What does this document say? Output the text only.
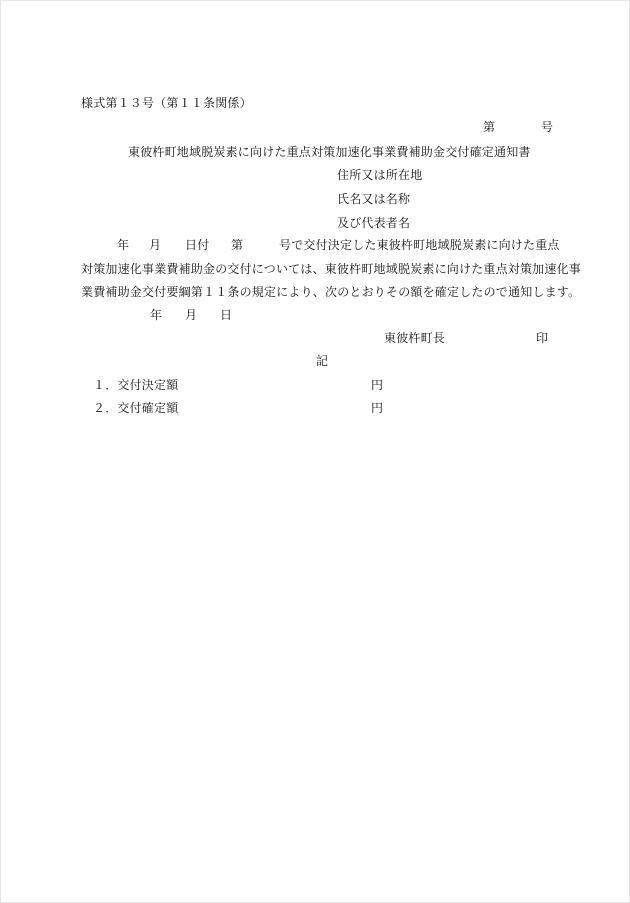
様式第１３号（第１１条関係）
第	号
東彼杵町地域脱炭素に向けた重点対策加速化事業費補助金交付確定通知書
住所又は所在地
氏名又は名称
及び代表者名
年 月 日付 第	号で交付決定した東彼杵町地域脱炭素に向けた重点
対策加速化事業費補助金の交付については、東彼杵町地域脱炭素に向けた重点対策加速化事
業費補助金交付要綱第１１条の規定により、次のとおりその額を確定したので通知します。
年 月 日
東彼杵町長	印
記
１．交付決定額	円
２．交付確定額	円
